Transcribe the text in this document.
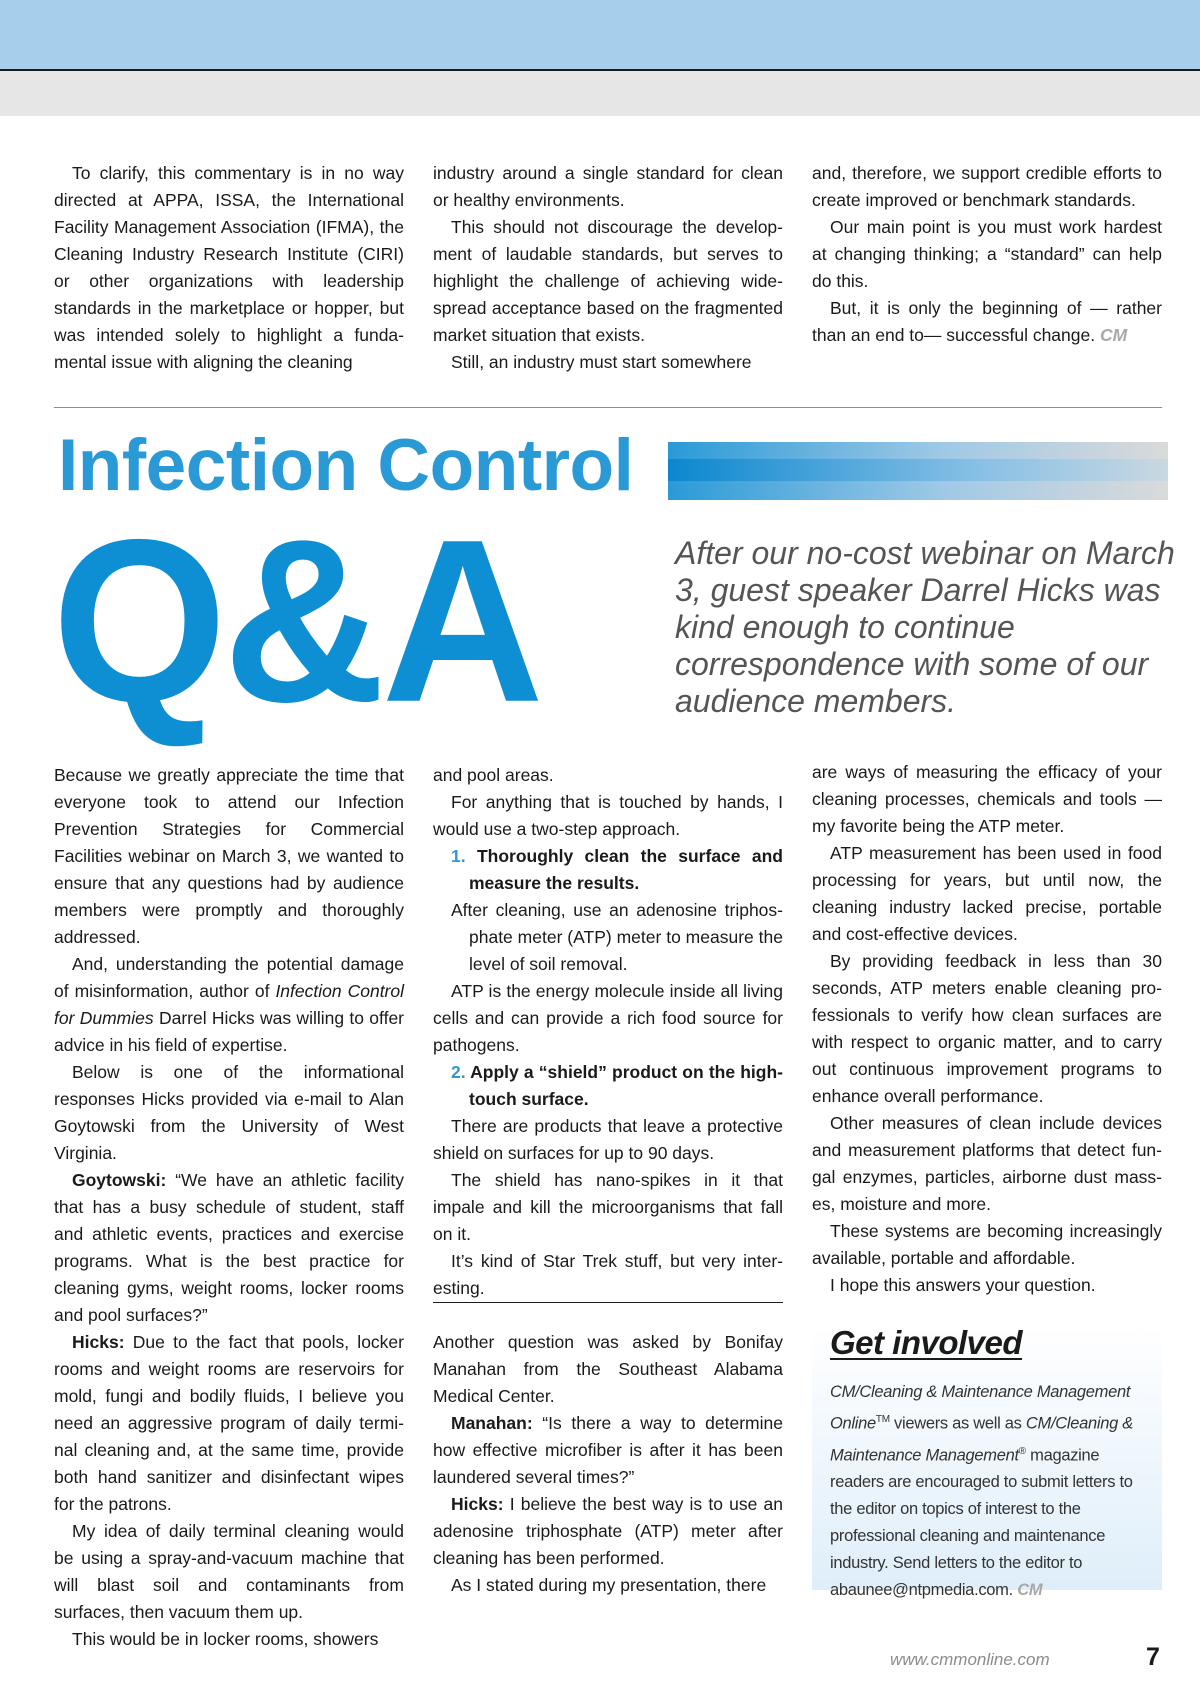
To clarify, this commentary is in no way directed at APPA, ISSA, the International Facility Management Association (IFMA), the Cleaning Industry Research Institute (CIRI) or other organizations with leadership standards in the marketplace or hopper, but was intended solely to highlight a fundamental issue with aligning the cleaning

industry around a single standard for clean or healthy environments.

This should not discourage the development of laudable standards, but serves to highlight the challenge of achieving widespread acceptance based on the fragmented market situation that exists.

Still, an industry must start somewhere

and, therefore, we support credible efforts to create improved or benchmark standards.

Our main point is you must work hardest at changing thinking; a “standard” can help do this.

But, it is only the beginning of — rather than an end to— successful change. CM

Infection Control
Q&A	After our no-cost webinar on March 3, guest speaker Darrel Hicks was kind enough to continue correspondence with some of our audience members.

Because we greatly appreciate the time that everyone took to attend our Infection Prevention Strategies for Commercial Facilities webinar on March 3, we wanted to ensure that any questions had by audience members were promptly and thoroughly addressed.

And, understanding the potential damage of misinformation, author of Infection Control for Dummies Darrel Hicks was willing to offer advice in his field of expertise.

Below is one of the informational responses Hicks provided via e-mail to Alan Goytowski from the University of West Virginia.

Goytowski: “We have an athletic facility that has a busy schedule of student, staff and athletic events, practices and exercise programs. What is the best practice for cleaning gyms, weight rooms, locker rooms and pool surfaces?”

Hicks: Due to the fact that pools, locker rooms and weight rooms are reservoirs for mold, fungi and bodily fluids, I believe you need an aggressive program of daily terminal cleaning and, at the same time, provide both hand sanitizer and disinfectant wipes for the patrons.

My idea of daily terminal cleaning would be using a spray-and-vacuum machine that will blast soil and contaminants from surfaces, then vacuum them up.

This would be in locker rooms, showers

and pool areas.

For anything that is touched by hands, I would use a two-step approach.

1. Thoroughly clean the surface and measure the results.

After cleaning, use an adenosine triphosphate meter (ATP) meter to measure the level of soil removal.

ATP is the energy molecule inside all living cells and can provide a rich food source for pathogens.

2. Apply a “shield” product on the high-touch surface.

There are products that leave a protective shield on surfaces for up to 90 days.

The shield has nano-spikes in it that impale and kill the microorganisms that fall on it.

It’s kind of Star Trek stuff, but very interesting.

Another question was asked by Bonifay Manahan from the Southeast Alabama Medical Center.

Manahan: “Is there a way to determine how effective microfiber is after it has been laundered several times?”

Hicks: I believe the best way is to use an adenosine triphosphate (ATP) meter after cleaning has been performed.

As I stated during my presentation, there

are ways of measuring the efficacy of your cleaning processes, chemicals and tools — my favorite being the ATP meter.

ATP measurement has been used in food processing for years, but until now, the cleaning industry lacked precise, portable and cost-effective devices.

By providing feedback in less than 30 seconds, ATP meters enable cleaning professionals to verify how clean surfaces are with respect to organic matter, and to carry out continuous improvement programs to enhance overall performance.

Other measures of clean include devices and measurement platforms that detect fungal enzymes, particles, airborne dust masses, moisture and more.

These systems are becoming increasingly available, portable and affordable.

I hope this answers your question.

Get involved
CM/Cleaning & Maintenance Management Online™ viewers as well as CM/Cleaning & Maintenance Management® magazine readers are encouraged to submit letters to the editor on topics of interest to the professional cleaning and maintenance industry. Send letters to the editor to abaunee@ntpmedia.com. CM
www.cmmonline.com	7
